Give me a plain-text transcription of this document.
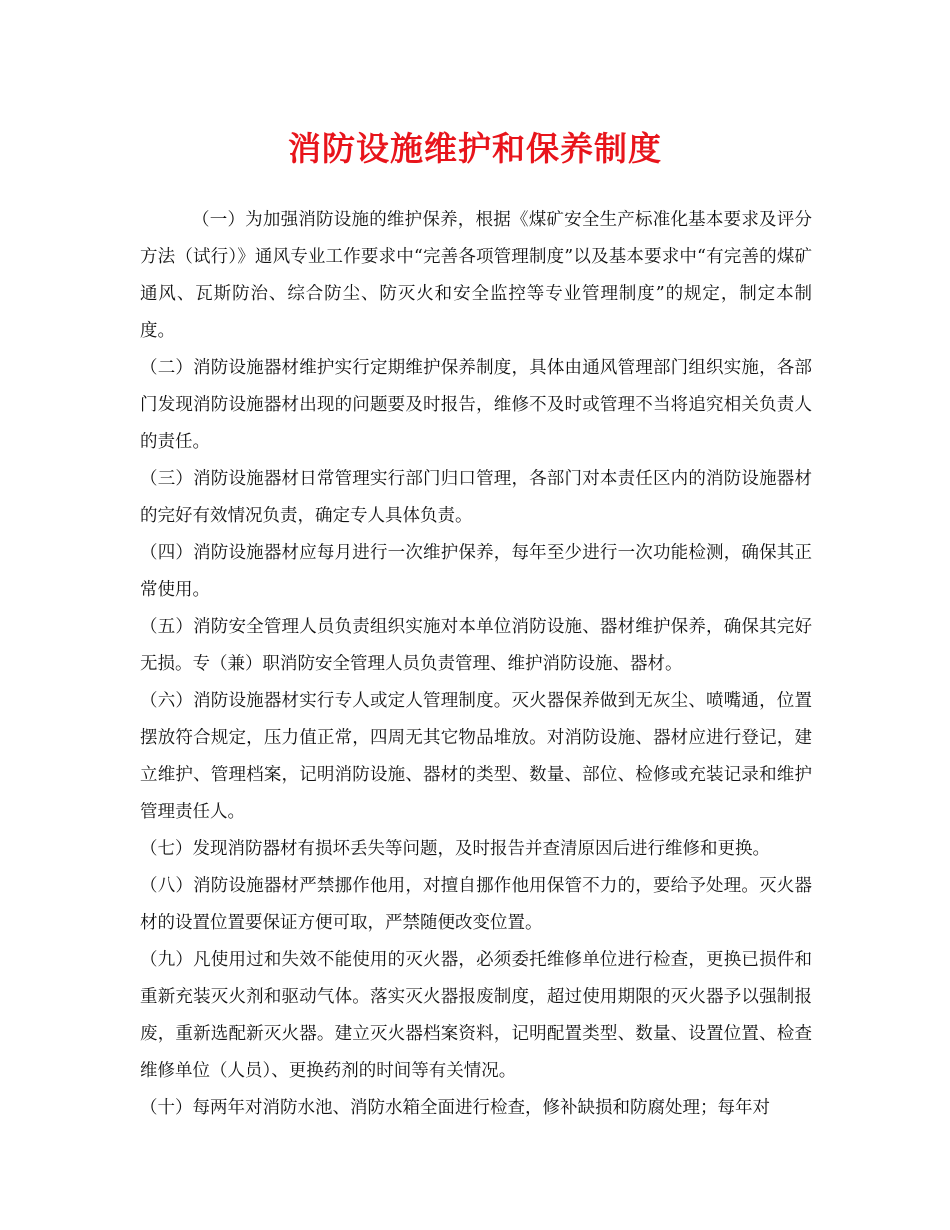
消防设施维护和保养制度

（一）为加强消防设施的维护保养，根据《煤矿安全生产标准化基本要求及评分方法（试行）》通风专业工作要求中“完善各项管理制度”以及基本要求中“有完善的煤矿通风、瓦斯防治、综合防尘、防灭火和安全监控等专业管理制度”的规定，制定本制度。

（二）消防设施器材维护实行定期维护保养制度，具体由通风管理部门组织实施，各部门发现消防设施器材出现的问题要及时报告，维修不及时或管理不当将追究相关负责人的责任。

（三）消防设施器材日常管理实行部门归口管理，各部门对本责任区内的消防设施器材的完好有效情况负责，确定专人具体负责。

（四）消防设施器材应每月进行一次维护保养，每年至少进行一次功能检测，确保其正常使用。

（五）消防安全管理人员负责组织实施对本单位消防设施、器材维护保养，确保其完好无损。专（兼）职消防安全管理人员负责管理、维护消防设施、器材。

（六）消防设施器材实行专人或定人管理制度。灭火器保养做到无灰尘、喷嘴通，位置摆放符合规定，压力值正常，四周无其它物品堆放。对消防设施、器材应进行登记，建立维护、管理档案，记明消防设施、器材的类型、数量、部位、检修或充装记录和维护管理责任人。

（七）发现消防器材有损坏丢失等问题，及时报告并查清原因后进行维修和更换。

（八）消防设施器材严禁挪作他用，对擅自挪作他用保管不力的，要给予处理。灭火器材的设置位置要保证方便可取，严禁随便改变位置。

（九）凡使用过和失效不能使用的灭火器，必须委托维修单位进行检查，更换已损件和重新充装灭火剂和驱动气体。落实灭火器报废制度，超过使用期限的灭火器予以强制报废，重新选配新灭火器。建立灭火器档案资料，记明配置类型、数量、设置位置、检查维修单位（人员）、更换药剂的时间等有关情况。

（十）每两年对消防水池、消防水箱全面进行检查，修补缺损和防腐处理；每年对
